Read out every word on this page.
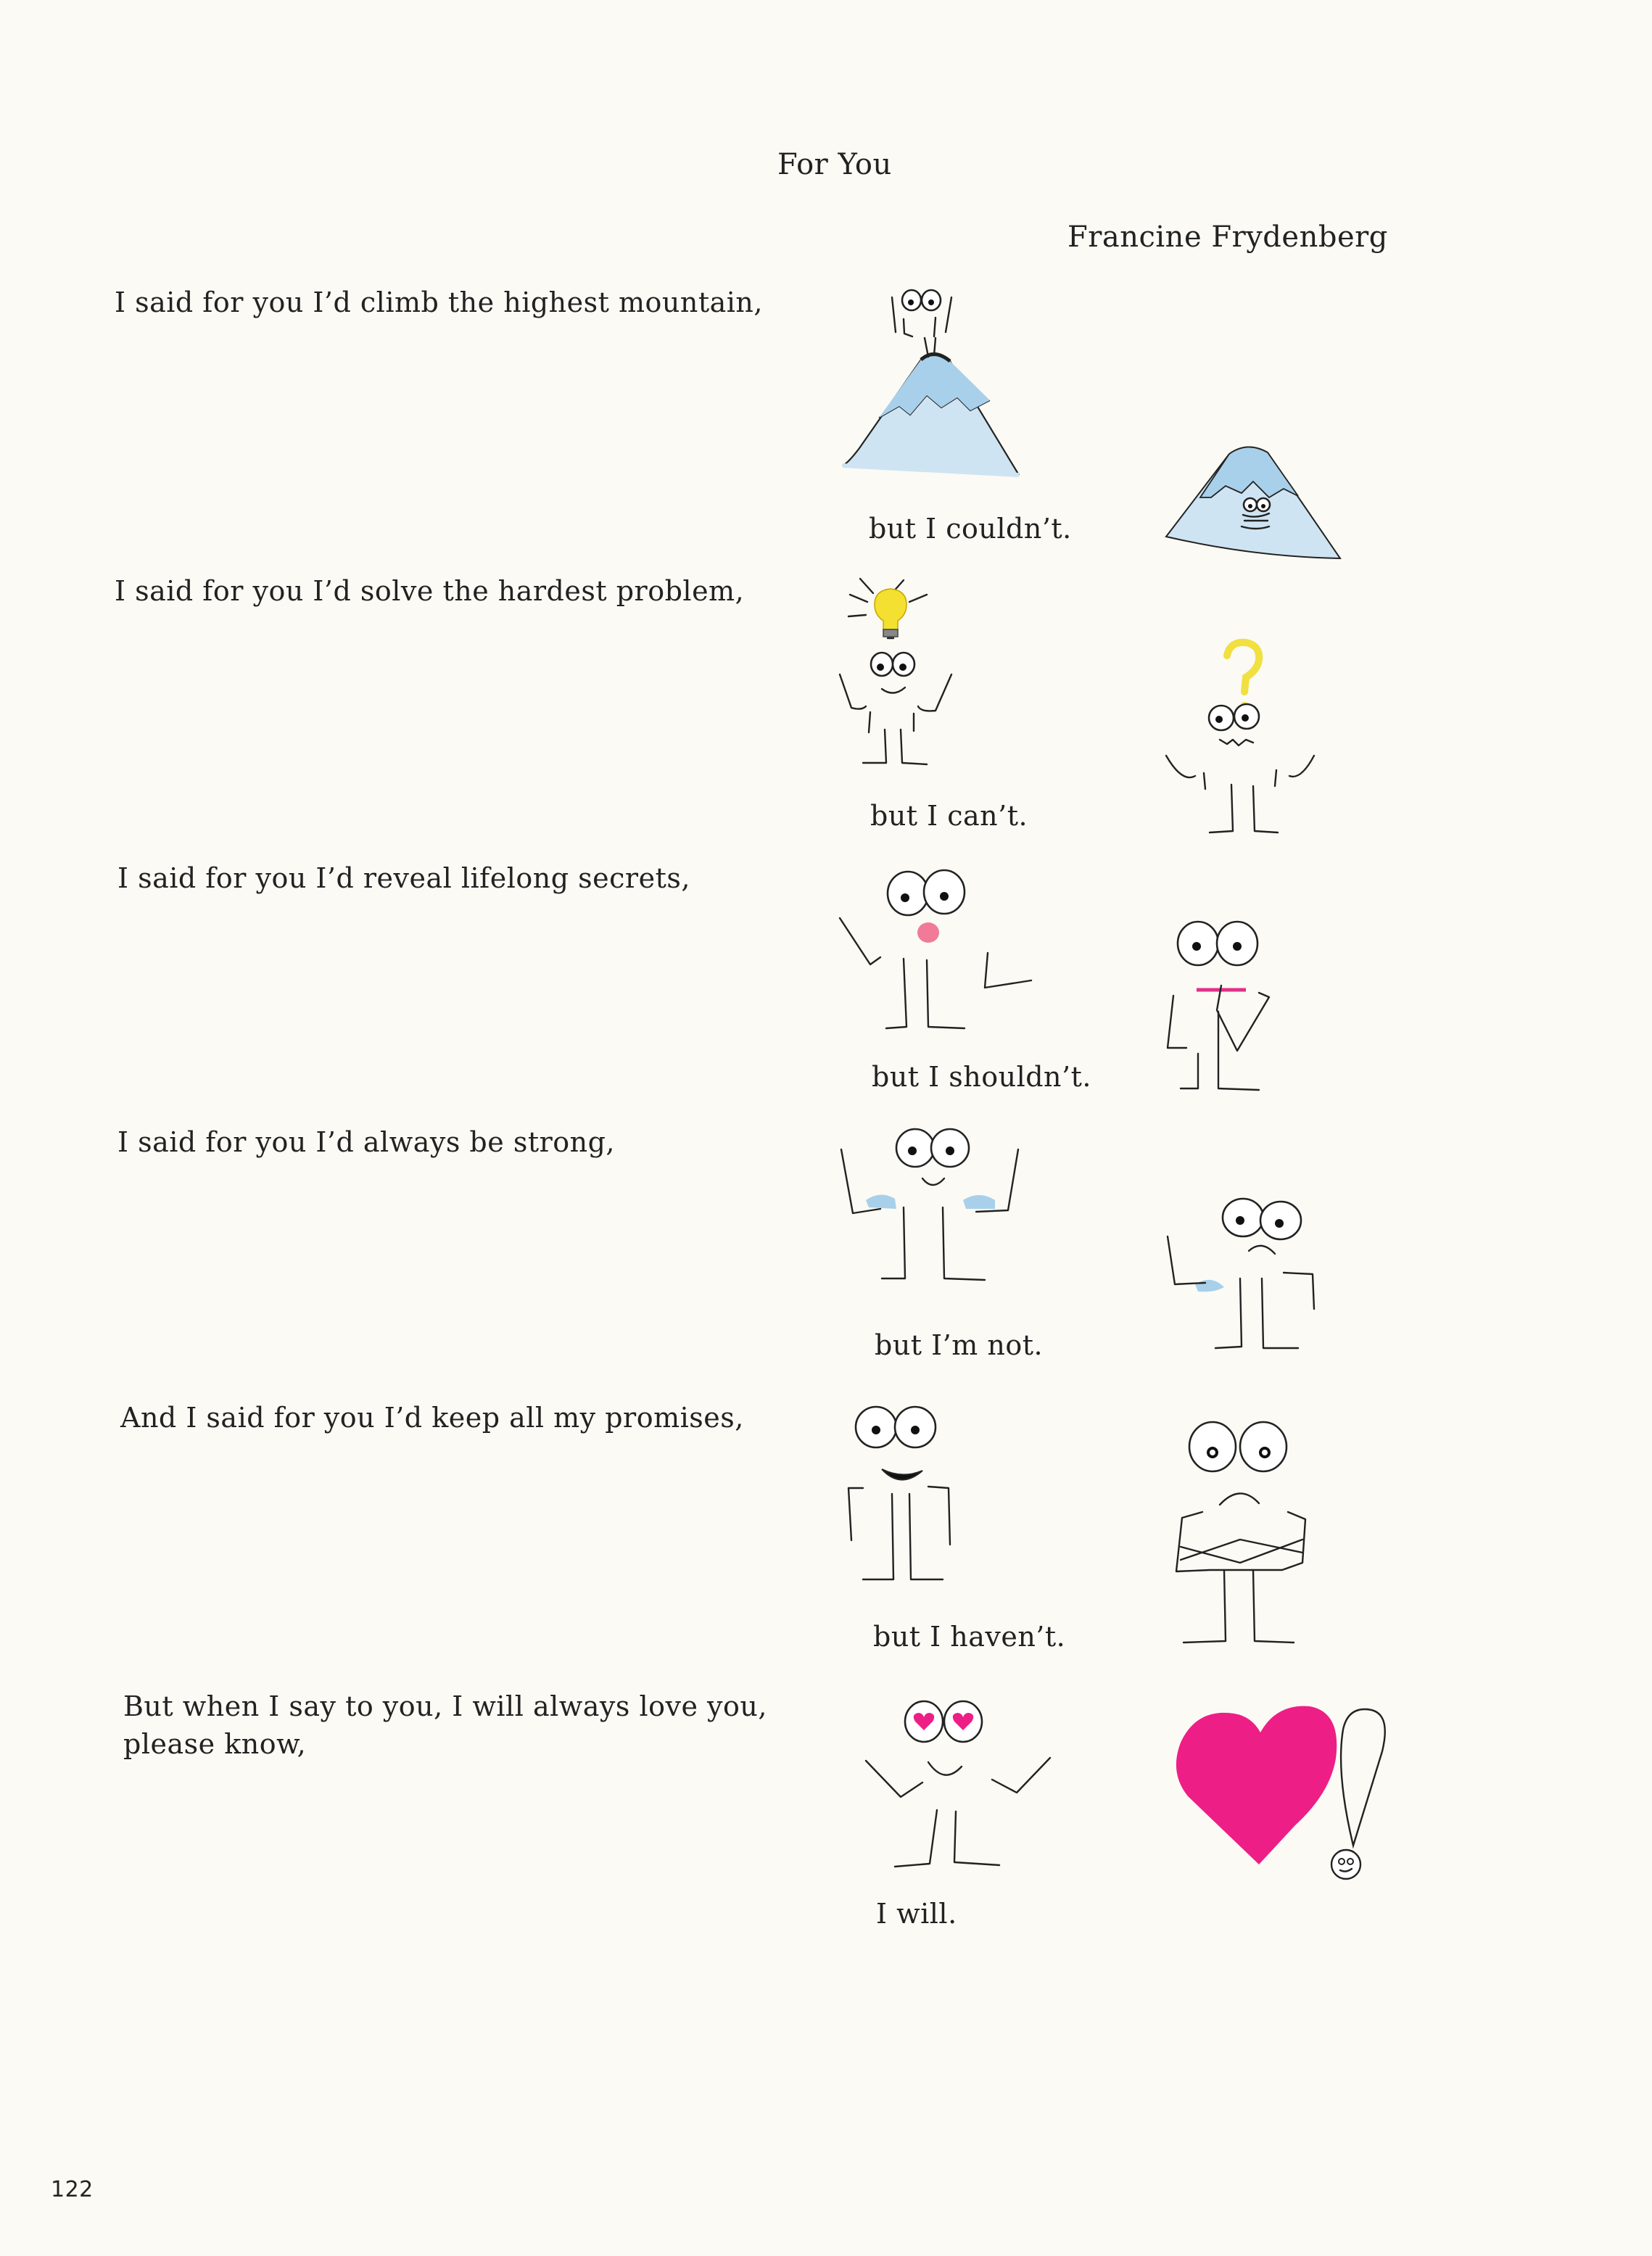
For You
Francine Frydenberg
I said for you I’d climb the highest mountain,
I said for you I’d solve the hardest problem,
I said for you I’d reveal lifelong secrets,
I said for you I’d always be strong,
And I said for you I’d keep all my promises,
But when I say to you, I will always love you,
please know,
but I couldn’t.
but I can’t.
but I shouldn’t.
but I’m not.
but I haven’t.
I will.
122
